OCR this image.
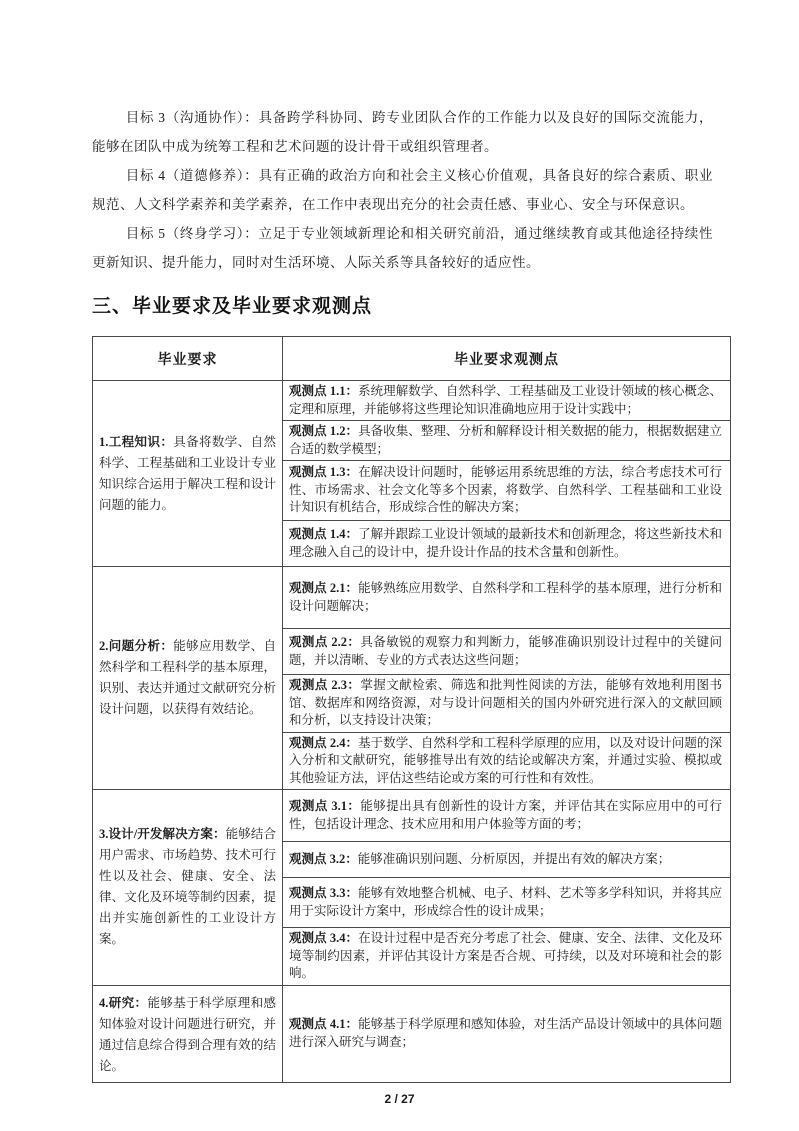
目标 3（沟通协作）：具备跨学科协同、跨专业团队合作的工作能力以及良好的国际交流能力，能够在团队中成为统筹工程和艺术问题的设计骨干或组织管理者。

目标 4（道德修养）：具有正确的政治方向和社会主义核心价值观，具备良好的综合素质、职业规范、人文科学素养和美学素养，在工作中表现出充分的社会责任感、事业心、安全与环保意识。

目标 5（终身学习）：立足于专业领域新理论和相关研究前沿，通过继续教育或其他途径持续性更新知识、提升能力，同时对生活环境、人际关系等具备较好的适应性。

三、毕业要求及毕业要求观测点
毕业要求	毕业要求观测点
1.工程知识：具备将数学、自然科学、工程基础和工业设计专业知识综合运用于解决工程和设计问题的能力。	观测点 1.1：系统理解数学、自然科学、工程基础及工业设计领域的核心概念、定理和原理，并能够将这些理论知识准确地应用于设计实践中；
	观测点 1.2：具备收集、整理、分析和解释设计相关数据的能力，根据数据建立合适的数学模型；
	观测点 1.3：在解决设计问题时，能够运用系统思维的方法，综合考虑技术可行性、市场需求、社会文化等多个因素，将数学、自然科学、工程基础和工业设计知识有机结合，形成综合性的解决方案；
	观测点 1.4：了解并跟踪工业设计领域的最新技术和创新理念，将这些新技术和理念融入自己的设计中，提升设计作品的技术含量和创新性。
2.问题分析：能够应用数学、自然科学和工程科学的基本原理，识别、表达并通过文献研究分析设计问题，以获得有效结论。	观测点 2.1：能够熟练应用数学、自然科学和工程科学的基本原理，进行分析和设计问题解决；
	观测点 2.2：具备敏锐的观察力和判断力，能够准确识别设计过程中的关键问题，并以清晰、专业的方式表达这些问题；
	观测点 2.3：掌握文献检索、筛选和批判性阅读的方法，能够有效地利用图书馆、数据库和网络资源，对与设计问题相关的国内外研究进行深入的文献回顾和分析，以支持设计决策；
	观测点 2.4：基于数学、自然科学和工程科学原理的应用，以及对设计问题的深入分析和文献研究，能够推导出有效的结论或解决方案，并通过实验、模拟或其他验证方法，评估这些结论或方案的可行性和有效性。
3.设计/开发解决方案：能够结合用户需求、市场趋势、技术可行性以及社会、健康、安全、法律、文化及环境等制约因素，提出并实施创新性的工业设计方案。	观测点 3.1：能够提出具有创新性的设计方案，并评估其在实际应用中的可行性，包括设计理念、技术应用和用户体验等方面的考；
	观测点 3.2：能够准确识别问题、分析原因，并提出有效的解决方案；
	观测点 3.3：能够有效地整合机械、电子、材料、艺术等多学科知识，并将其应用于实际设计方案中，形成综合性的设计成果；
	观测点 3.4：在设计过程中是否充分考虑了社会、健康、安全、法律、文化及环境等制约因素，并评估其设计方案是否合规、可持续，以及对环境和社会的影响。
4.研究：能够基于科学原理和感知体验对设计问题进行研究，并通过信息综合得到合理有效的结论。	观测点 4.1：能够基于科学原理和感知体验，对生活产品设计领域中的具体问题进行深入研究与调查；
2 / 27
